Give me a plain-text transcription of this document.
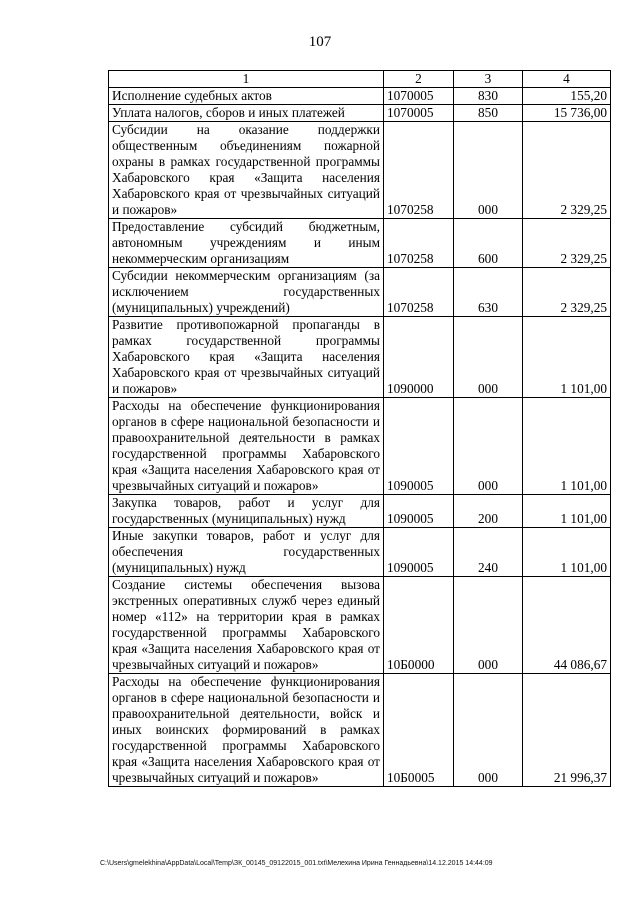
107
1	2	3	4
Исполнение судебных актов	1070005	830	155,20
Уплата налогов, сборов и иных платежей	1070005	850	15 736,00
Субсидии на оказание поддержки общественным объединениям пожарной охраны в рамках государственной программы Хабаровского края «Защита населения Хабаровского края от чрезвычайных ситуаций и пожаров»	1070258	000	2 329,25
Предоставление субсидий бюджетным, автономным учреждениям и иным некоммерческим организациям	1070258	600	2 329,25
Субсидии некоммерческим организациям (за исключением государственных (муниципальных) учреждений)	1070258	630	2 329,25
Развитие противопожарной пропаганды в рамках государственной программы Хабаровского края «Защита населения Хабаровского края от чрезвычайных ситуаций и пожаров»	1090000	000	1 101,00
Расходы на обеспечение функционирования органов в сфере национальной безопасности и правоохранительной деятельности в рамках государственной программы Хабаровского края «Защита населения Хабаровского края от чрезвычайных ситуаций и пожаров»	1090005	000	1 101,00
Закупка товаров, работ и услуг для государственных (муниципальных) нужд	1090005	200	1 101,00
Иные закупки товаров, работ и услуг для обеспечения государственных (муниципальных) нужд	1090005	240	1 101,00
Создание системы обеспечения вызова экстренных оперативных служб через единый номер «112» на территории края в рамках государственной программы Хабаровского края «Защита населения Хабаровского края от чрезвычайных ситуаций и пожаров»	10Б0000	000	44 086,67
Расходы на обеспечение функционирования органов в сфере национальной безопасности и правоохранительной деятельности, войск и иных воинских формирований в рамках государственной программы Хабаровского края «Защита населения Хабаровского края от чрезвычайных ситуаций и пожаров»	10Б0005	000	21 996,37
C:\Users\gmelekhina\AppData\Local\Temp\ЗК_00145_09122015_001.txt\Мелехина Ирина Геннадьевна\14.12.2015 14:44:09
